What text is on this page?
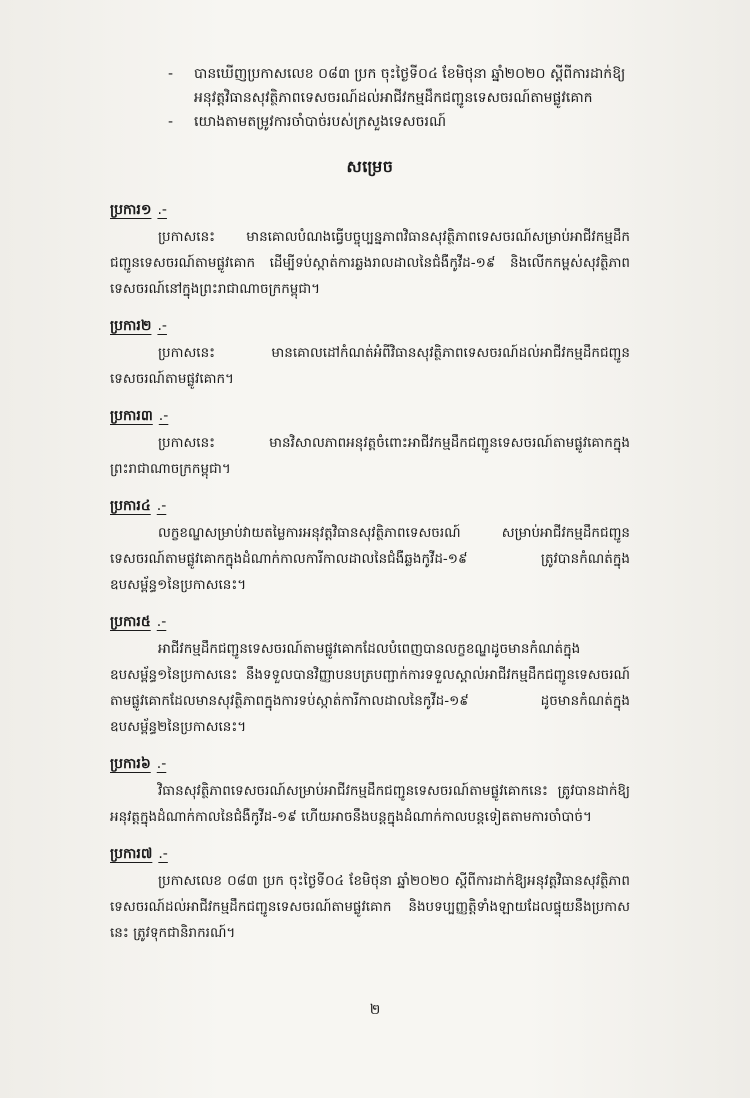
-	បានឃើញប្រកាសលេខ ០៨៣ ប្រក ចុះថ្ងៃទី០៤ ខែមិថុនា ឆ្នាំ២០២០ ស្តីពីការដាក់ឱ្យអនុវត្តវិធានសុវត្ថិភាពទេសចរណ៍ដល់អាជីវកម្មដឹកជញ្ជូនទេសចរណ៍តាមផ្លូវគោក
-	យោងតាមតម្រូវការចាំបាច់របស់ក្រសួងទេសចរណ៍
សម្រេច
ប្រការ១ .-
ប្រកាសនេះ មានគោលបំណងធ្វើបច្ចុប្បន្នភាពវិធានសុវត្ថិភាពទេសចរណ៍សម្រាប់អាជីវកម្មដឹកជញ្ជូនទេសចរណ៍តាមផ្លូវគោក ដើម្បីទប់ស្កាត់ការឆ្លងរាលដាលនៃជំងឺកូវីដ-១៩ និងលើកកម្ពស់សុវត្ថិភាពទេសចរណ៍នៅក្នុងព្រះរាជាណាចក្រកម្ពុជា។
ប្រការ២ .-
ប្រកាសនេះ មានគោលដៅកំណត់អំពីវិធានសុវត្ថិភាពទេសចរណ៍ដល់អាជីវកម្មដឹកជញ្ជូនទេសចរណ៍តាមផ្លូវគោក។
ប្រការ៣ .-
ប្រកាសនេះ មានវិសាលភាពអនុវត្តចំពោះអាជីវកម្មដឹកជញ្ជូនទេសចរណ៍តាមផ្លូវគោកក្នុងព្រះរាជាណាចក្រកម្ពុជា។
ប្រការ៤ .-
លក្ខខណ្ឌសម្រាប់វាយតម្លៃការអនុវត្តវិធានសុវត្ថិភាពទេសចរណ៍ សម្រាប់អាជីវកម្មដឹកជញ្ជូនទេសចរណ៍តាមផ្លូវគោកក្នុងដំណាក់កាលការីកាលដាលនៃជំងឺឆ្លងកូវីដ-១៩ ត្រូវបានកំណត់ក្នុងឧបសម្ព័ន្ធ១នៃប្រកាសនេះ។
ប្រការ៥ .-
អាជីវកម្មដឹកជញ្ជូនទេសចរណ៍តាមផ្លូវគោកដែលបំពេញបានលក្ខខណ្ឌដូចមានកំណត់ក្នុងឧបសម្ព័ន្ធ១នៃប្រកាសនេះ នឹងទទួលបានវិញ្ញាបនបត្របញ្ជាក់ការទទួលស្គាល់អាជីវកម្មដឹកជញ្ជូនទេសចរណ៍តាមផ្លូវគោកដែលមានសុវត្ថិភាពក្នុងការទប់ស្កាត់ការីកាលដាលនៃកូវីដ-១៩ ដូចមានកំណត់ក្នុងឧបសម្ព័ន្ធ២នៃប្រកាសនេះ។
ប្រការ៦ .-
វិធានសុវត្ថិភាពទេសចរណ៍សម្រាប់អាជីវកម្មដឹកជញ្ជូនទេសចរណ៍តាមផ្លូវគោកនេះ ត្រូវបានដាក់ឱ្យអនុវត្តក្នុងដំណាក់កាលនៃជំងឺកូវីដ-១៩ ហើយអាចនឹងបន្តក្នុងដំណាក់កាលបន្តទៀតតាមការចាំបាច់។
ប្រការ៧ .-
ប្រកាសលេខ ០៨៣ ប្រក ចុះថ្ងៃទី០៤ ខែមិថុនា ឆ្នាំ២០២០ ស្តីពីការដាក់ឱ្យអនុវត្តវិធានសុវត្ថិភាពទេសចរណ៍ដល់អាជីវកម្មដឹកជញ្ជូនទេសចរណ៍តាមផ្លូវគោក និងបទប្បញ្ញត្តិទាំងឡាយដែលផ្ទុយនឹងប្រកាសនេះ ត្រូវទុកជានិរាករណ៍។
២
